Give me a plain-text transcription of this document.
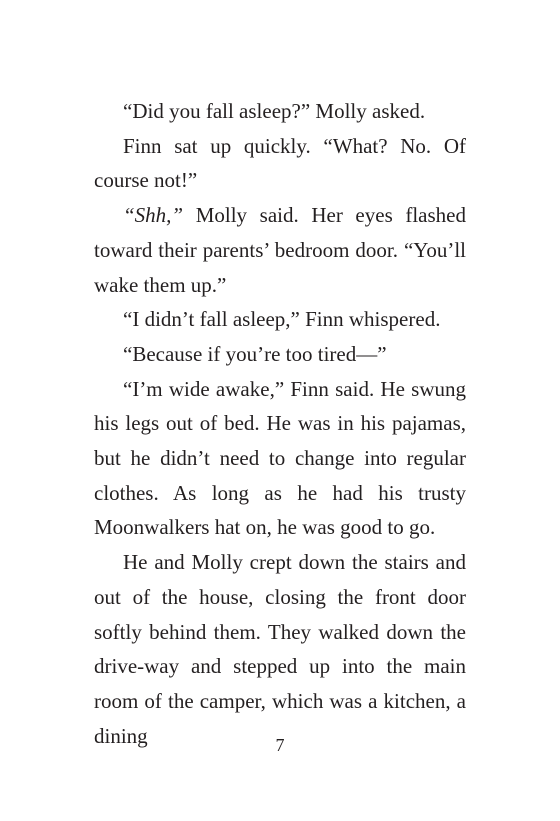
“Did you fall asleep?” Molly asked.

Finn sat up quickly. “What? No. Of course not!”

“Shh,” Molly said. Her eyes flashed toward their parents’ bedroom door. “You’ll wake them up.”

“I didn’t fall asleep,” Finn whispered.

“Because if you’re too tired—”

“I’m wide awake,” Finn said. He swung his legs out of bed. He was in his pajamas, but he didn’t need to change into regular clothes. As long as he had his trusty Moonwalkers hat on, he was good to go.

He and Molly crept down the stairs and out of the house, closing the front door softly behind them. They walked down the drive-way and stepped up into the main room of the camper, which was a kitchen, a dining	7
